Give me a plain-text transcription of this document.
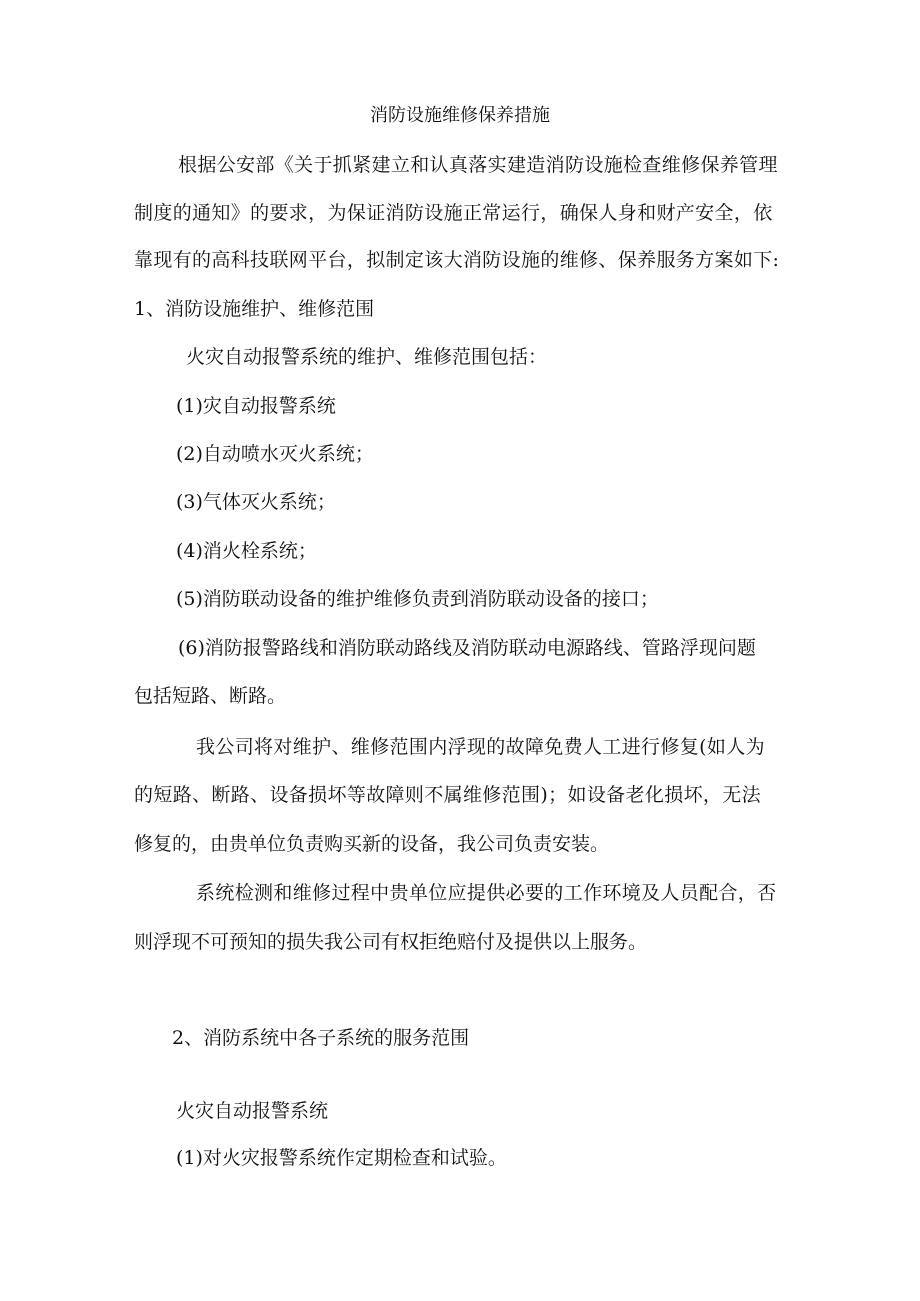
消防设施维修保养措施
根据公安部《关于抓紧建立和认真落实建造消防设施检查维修保养管理
制度的通知》的要求，为保证消防设施正常运行，确保人身和财产安全，依
靠现有的高科技联网平台，拟制定该大消防设施的维修、保养服务方案如下:
1、消防设施维护、维修范围
火灾自动报警系统的维护、维修范围包括：
(1)灾自动报警系统
(2)自动喷水灭火系统；
(3)气体灭火系统；
(4)消火栓系统；
(5)消防联动设备的维护维修负责到消防联动设备的接口；
(6)消防报警路线和消防联动路线及消防联动电源路线、管路浮现问题
包括短路、断路。
我公司将对维护、维修范围内浮现的故障免费人工进行修复(如人为
的短路、断路、设备损坏等故障则不属维修范围)；如设备老化损坏，无法
修复的，由贵单位负责购买新的设备，我公司负责安装。
系统检测和维修过程中贵单位应提供必要的工作环境及人员配合，否
则浮现不可预知的损失我公司有权拒绝赔付及提供以上服务。
2、消防系统中各子系统的服务范围
火灾自动报警系统
(1)对火灾报警系统作定期检查和试验。
